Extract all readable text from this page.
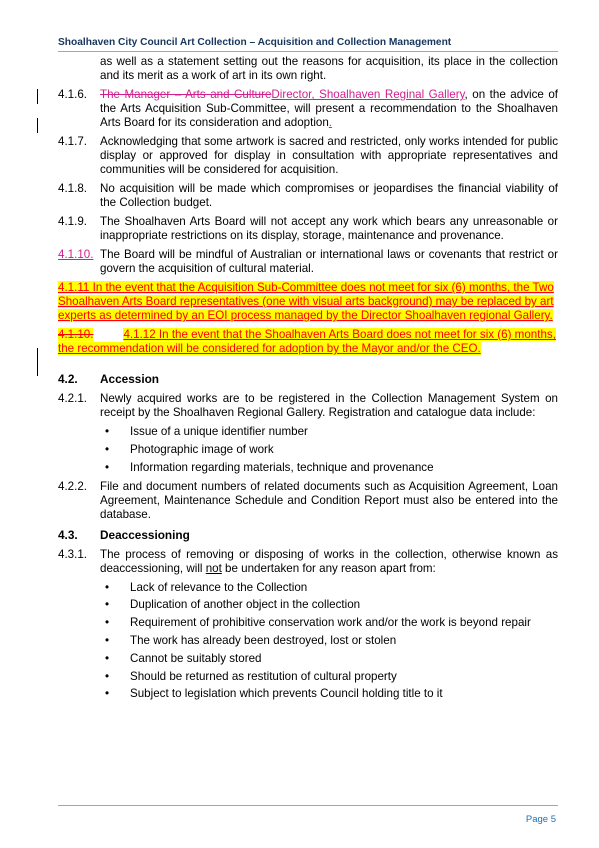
Shoalhaven City Council Art Collection – Acquisition and Collection Management
as well as a statement setting out the reasons for acquisition, its place in the collection and its merit as a work of art in its own right.
4.1.6. The Manager – Arts and CultureDirector, Shoalhaven Reginal Gallery, on the advice of the Arts Acquisition Sub-Committee, will present a recommendation to the Shoalhaven Arts Board for its consideration and adoption.
4.1.7. Acknowledging that some artwork is sacred and restricted, only works intended for public display or approved for display in consultation with appropriate representatives and communities will be considered for acquisition.
4.1.8. No acquisition will be made which compromises or jeopardises the financial viability of the Collection budget.
4.1.9. The Shoalhaven Arts Board will not accept any work which bears any unreasonable or inappropriate restrictions on its display, storage, maintenance and provenance.
4.1.10. The Board will be mindful of Australian or international laws or covenants that restrict or govern the acquisition of cultural material.
4.1.11 In the event that the Acquisition Sub-Committee does not meet for six (6) months, the Two Shoalhaven Arts Board representatives (one with visual arts background) may be replaced by art experts as determined by an EOI process managed by the Director Shoalhaven regional Gallery.
4.1.10.	4.1.12 In the event that the Shoalhaven Arts Board does not meet for six (6) months, the recommendation will be considered for adoption by the Mayor and/or the CEO.
4.2. Accession
4.2.1. Newly acquired works are to be registered in the Collection Management System on receipt by the Shoalhaven Regional Gallery. Registration and catalogue data include:
• Issue of a unique identifier number
• Photographic image of work
• Information regarding materials, technique and provenance
4.2.2. File and document numbers of related documents such as Acquisition Agreement, Loan Agreement, Maintenance Schedule and Condition Report must also be entered into the database.
4.3. Deaccessioning
4.3.1. The process of removing or disposing of works in the collection, otherwise known as deaccessioning, will not be undertaken for any reason apart from:
• Lack of relevance to the Collection
• Duplication of another object in the collection
• Requirement of prohibitive conservation work and/or the work is beyond repair
• The work has already been destroyed, lost or stolen
• Cannot be suitably stored
• Should be returned as restitution of cultural property
• Subject to legislation which prevents Council holding title to it
Page 5
